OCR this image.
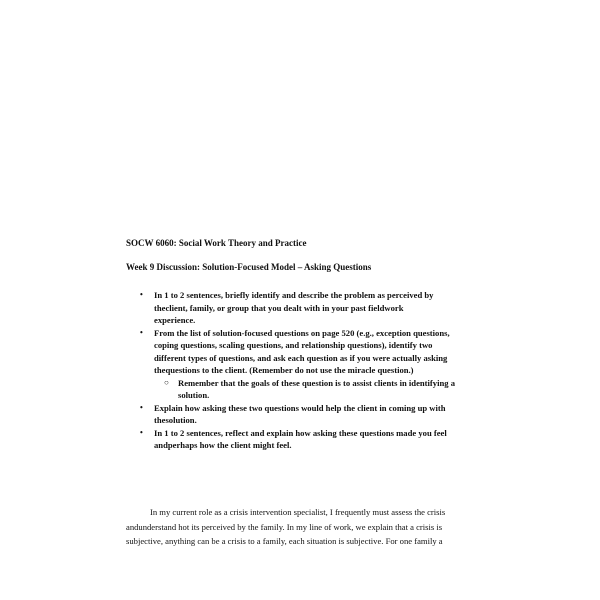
SOCW 6060: Social Work Theory and Practice
Week 9 Discussion: Solution-Focused Model – Asking Questions
• In 1 to 2 sentences, briefly identify and describe the problem as perceived by
theclient, family, or group that you dealt with in your past fieldwork
experience.
• From the list of solution-focused questions on page 520 (e.g., exception questions,
coping questions, scaling questions, and relationship questions), identify two
different types of questions, and ask each question as if you were actually asking
thequestions to the client. (Remember do not use the miracle question.)
○ Remember that the goals of these question is to assist clients in identifying a
solution.
• Explain how asking these two questions would help the client in coming up with
thesolution.
• In 1 to 2 sentences, reflect and explain how asking these questions made you feel
andperhaps how the client might feel.
In my current role as a crisis intervention specialist, I frequently must assess the crisis
andunderstand hot its perceived by the family. In my line of work, we explain that a crisis is
subjective, anything can be a crisis to a family, each situation is subjective. For one family a
